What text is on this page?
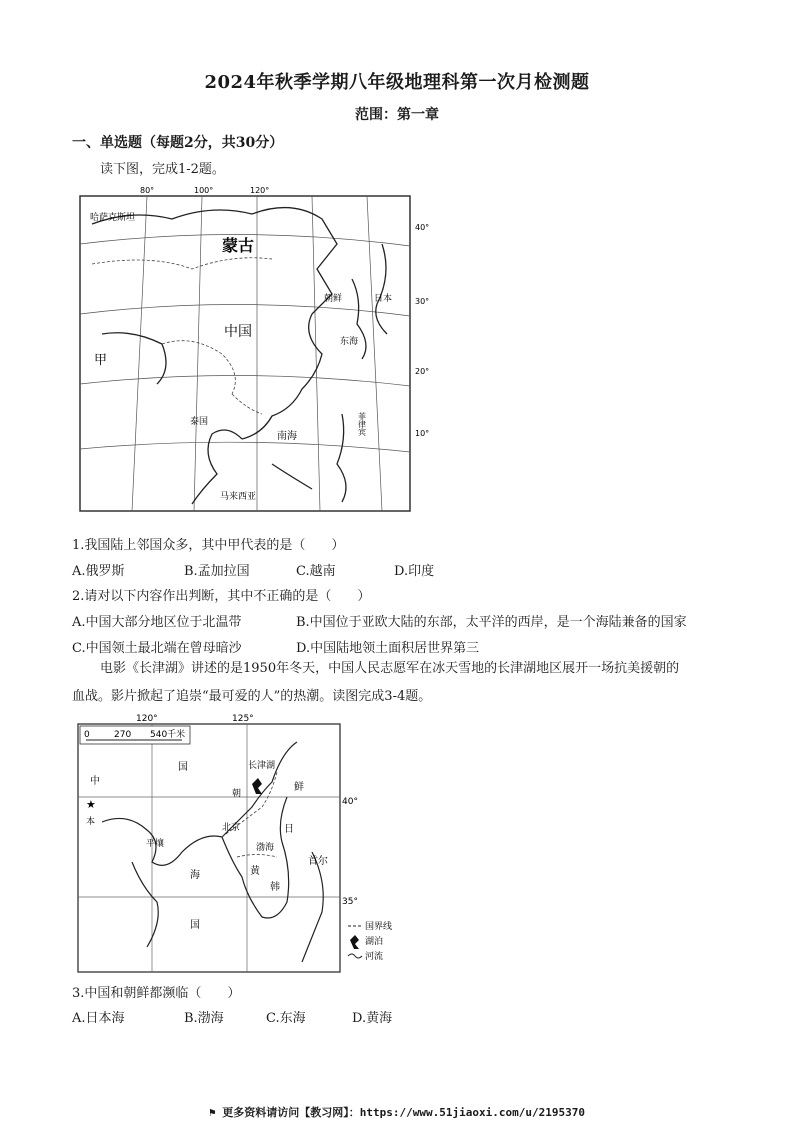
2024年秋季学期八年级地理科第一次月检测题
范围：第一章
一、单选题（每题2分，共30分）
读下图，完成1-2题。
80°	100°	120°
40°
30°
20°
10°
哈萨克斯坦
蒙古
朝鲜	日本
中国
甲
东海
南海
菲律宾
马来西亚
泰国
1.我国陆上邻国众多，其中甲代表的是（　　）
A.俄罗斯	B.孟加拉国	C.越南	D.印度
2.请对以下内容作出判断，其中不正确的是（　　）
A.中国大部分地区位于北温带	B.中国位于亚欧大陆的东部，太平洋的西岸，是一个海陆兼备的国家
C.中国领土最北端在曾母暗沙	D.中国陆地领土面积居世界第三
电影《长津湖》讲述的是1950年冬天，中国人民志愿军在冰天雪地的长津湖地区展开一场抗美援朝的
血战。影片掀起了追崇“最可爱的人”的热潮。读图完成3-4题。
0	270 540千米
120°	125°
40°
35°
★
中
国	长津湖
朝
鲜
日
本
北京
平壤	渤海
首尔
海	黄
韩
国	国界线
湖泊
河流
3.中国和朝鲜都濒临（　　）
A.日本海	B.渤海	C.东海	D.黄海
⚑ 更多资料请访问【教习网】：https://www.51jiaoxi.com/u/2195370
